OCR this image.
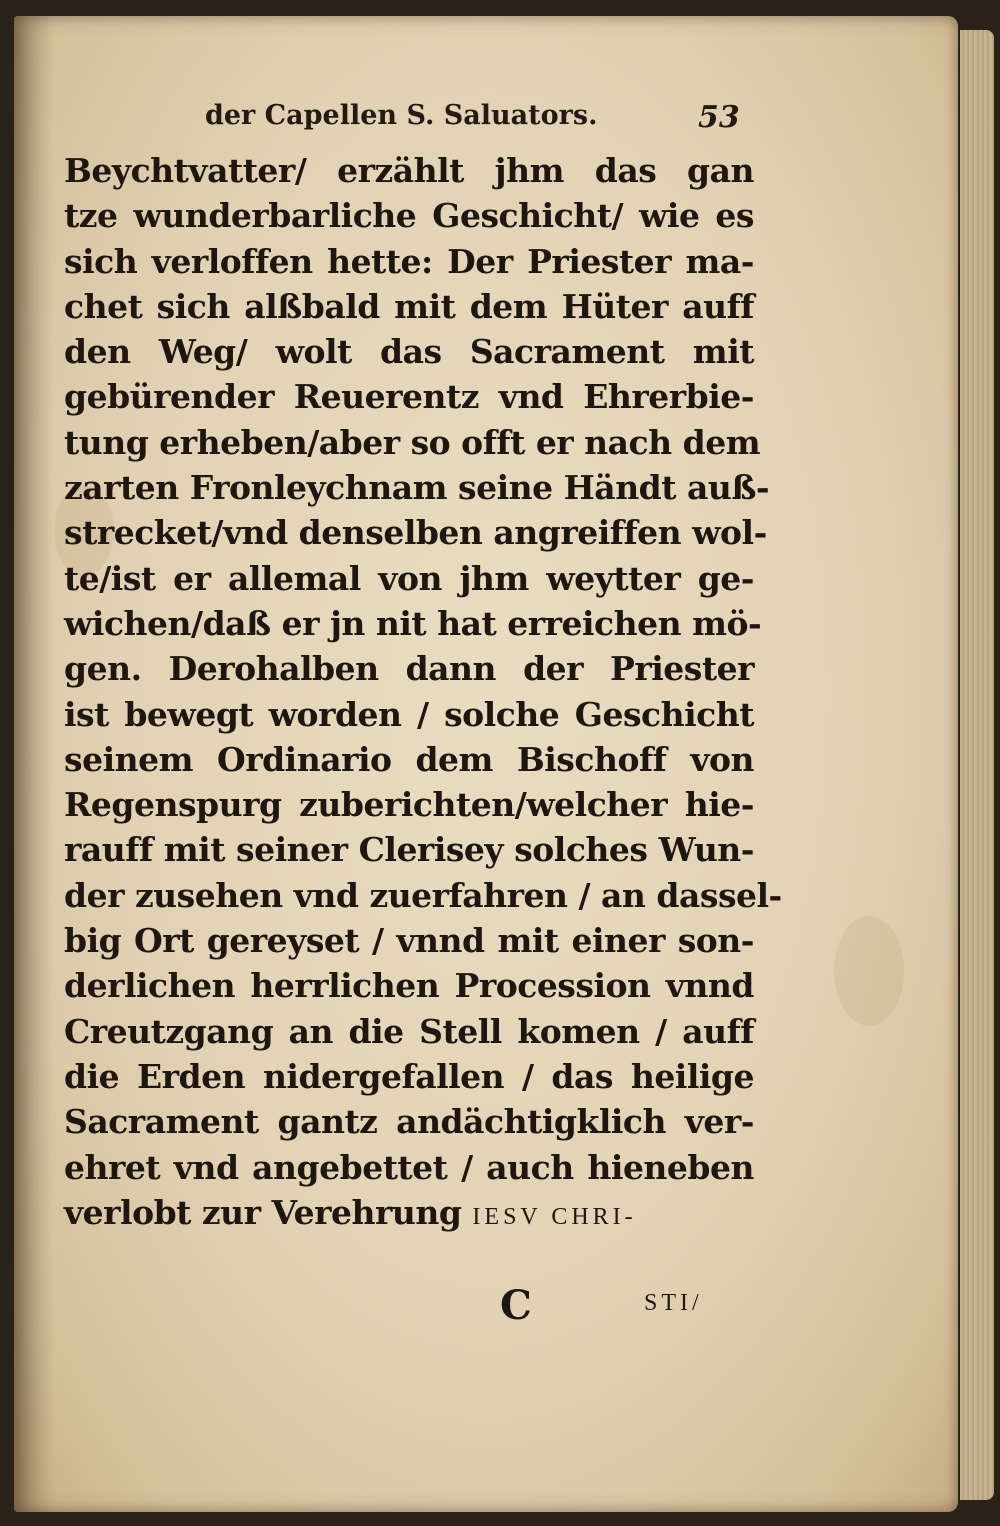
der Capellen S. Saluators.	53
Beychtvatter/ erzählt jhm das gan
tze wunderbarliche Geschicht/ wie es
sich verloffen hette: Der Priester ma-
chet sich alßbald mit dem Hüter auff
den Weg/ wolt das Sacrament mit
gebürender Reuerentz vnd Ehrerbie-
tung erheben/aber so offt er nach dem
zarten Fronleychnam seine Händt auß-
strecket/vnd denselben angreiffen wol-
te/ist er allemal von jhm weytter ge-
wichen/daß er jn nit hat erreichen mö-
gen. Derohalben dann der Priester
ist bewegt worden / solche Geschicht
seinem Ordinario dem Bischoff von
Regenspurg zuberichten/welcher hie-
rauff mit seiner Clerisey solches Wun-
der zusehen vnd zuerfahren / an dassel-
big Ort gereyset / vnnd mit einer son-
derlichen herrlichen Procession vnnd
Creutzgang an die Stell komen / auff
die Erden nidergefallen / das heilige
Sacrament gantz andächtigklich ver-
ehret vnd angebettet / auch hieneben
verlobt zur Verehrung IESV CHRI-
C	STI/
